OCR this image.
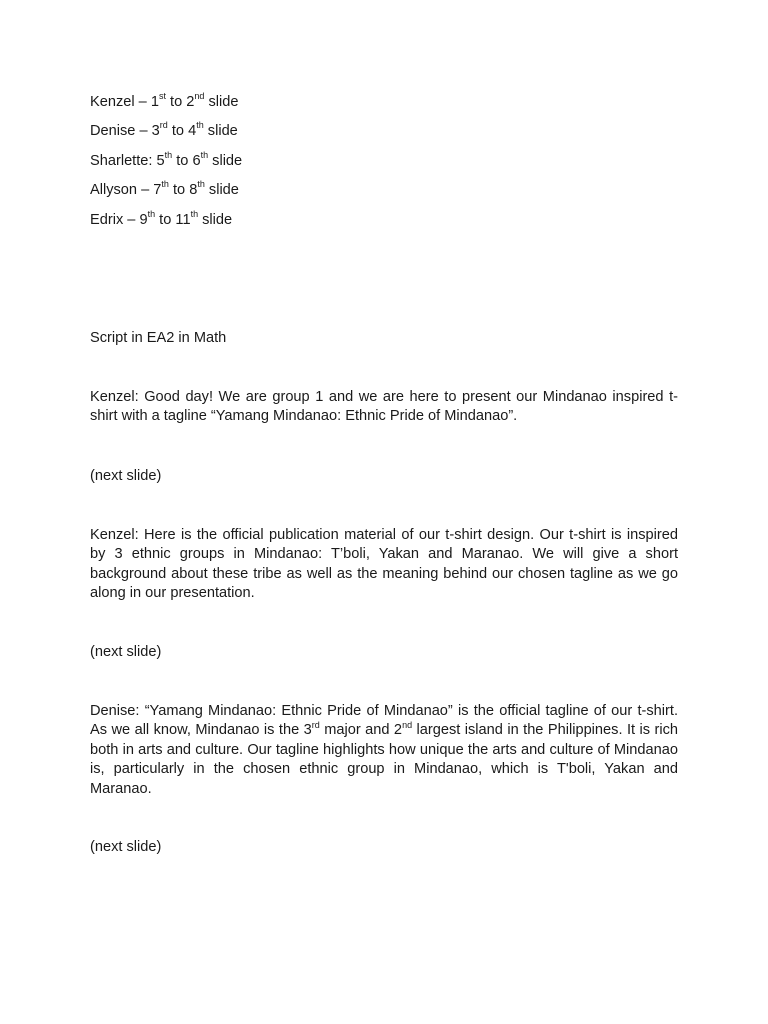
Kenzel – 1st to 2nd slide
Denise – 3rd to 4th slide
Sharlette: 5th to 6th slide
Allyson – 7th to 8th slide
Edrix – 9th to 11th slide

Script in EA2 in Math

Kenzel: Good day! We are group 1 and we are here to present our Mindanao inspired t-shirt with a tagline “Yamang Mindanao: Ethnic Pride of Mindanao”.

(next slide)

Kenzel: Here is the official publication material of our t-shirt design. Our t-shirt is inspired by 3 ethnic groups in Mindanao: T’boli, Yakan and Maranao. We will give a short background about these tribe as well as the meaning behind our chosen tagline as we go along in our presentation.

(next slide)

Denise: “Yamang Mindanao: Ethnic Pride of Mindanao” is the official tagline of our t-shirt. As we all know, Mindanao is the 3rd major and 2nd largest island in the Philippines. It is rich both in arts and culture. Our tagline highlights how unique the arts and culture of Mindanao is, particularly in the chosen ethnic group in Mindanao, which is T'boli, Yakan and Maranao.

(next slide)
